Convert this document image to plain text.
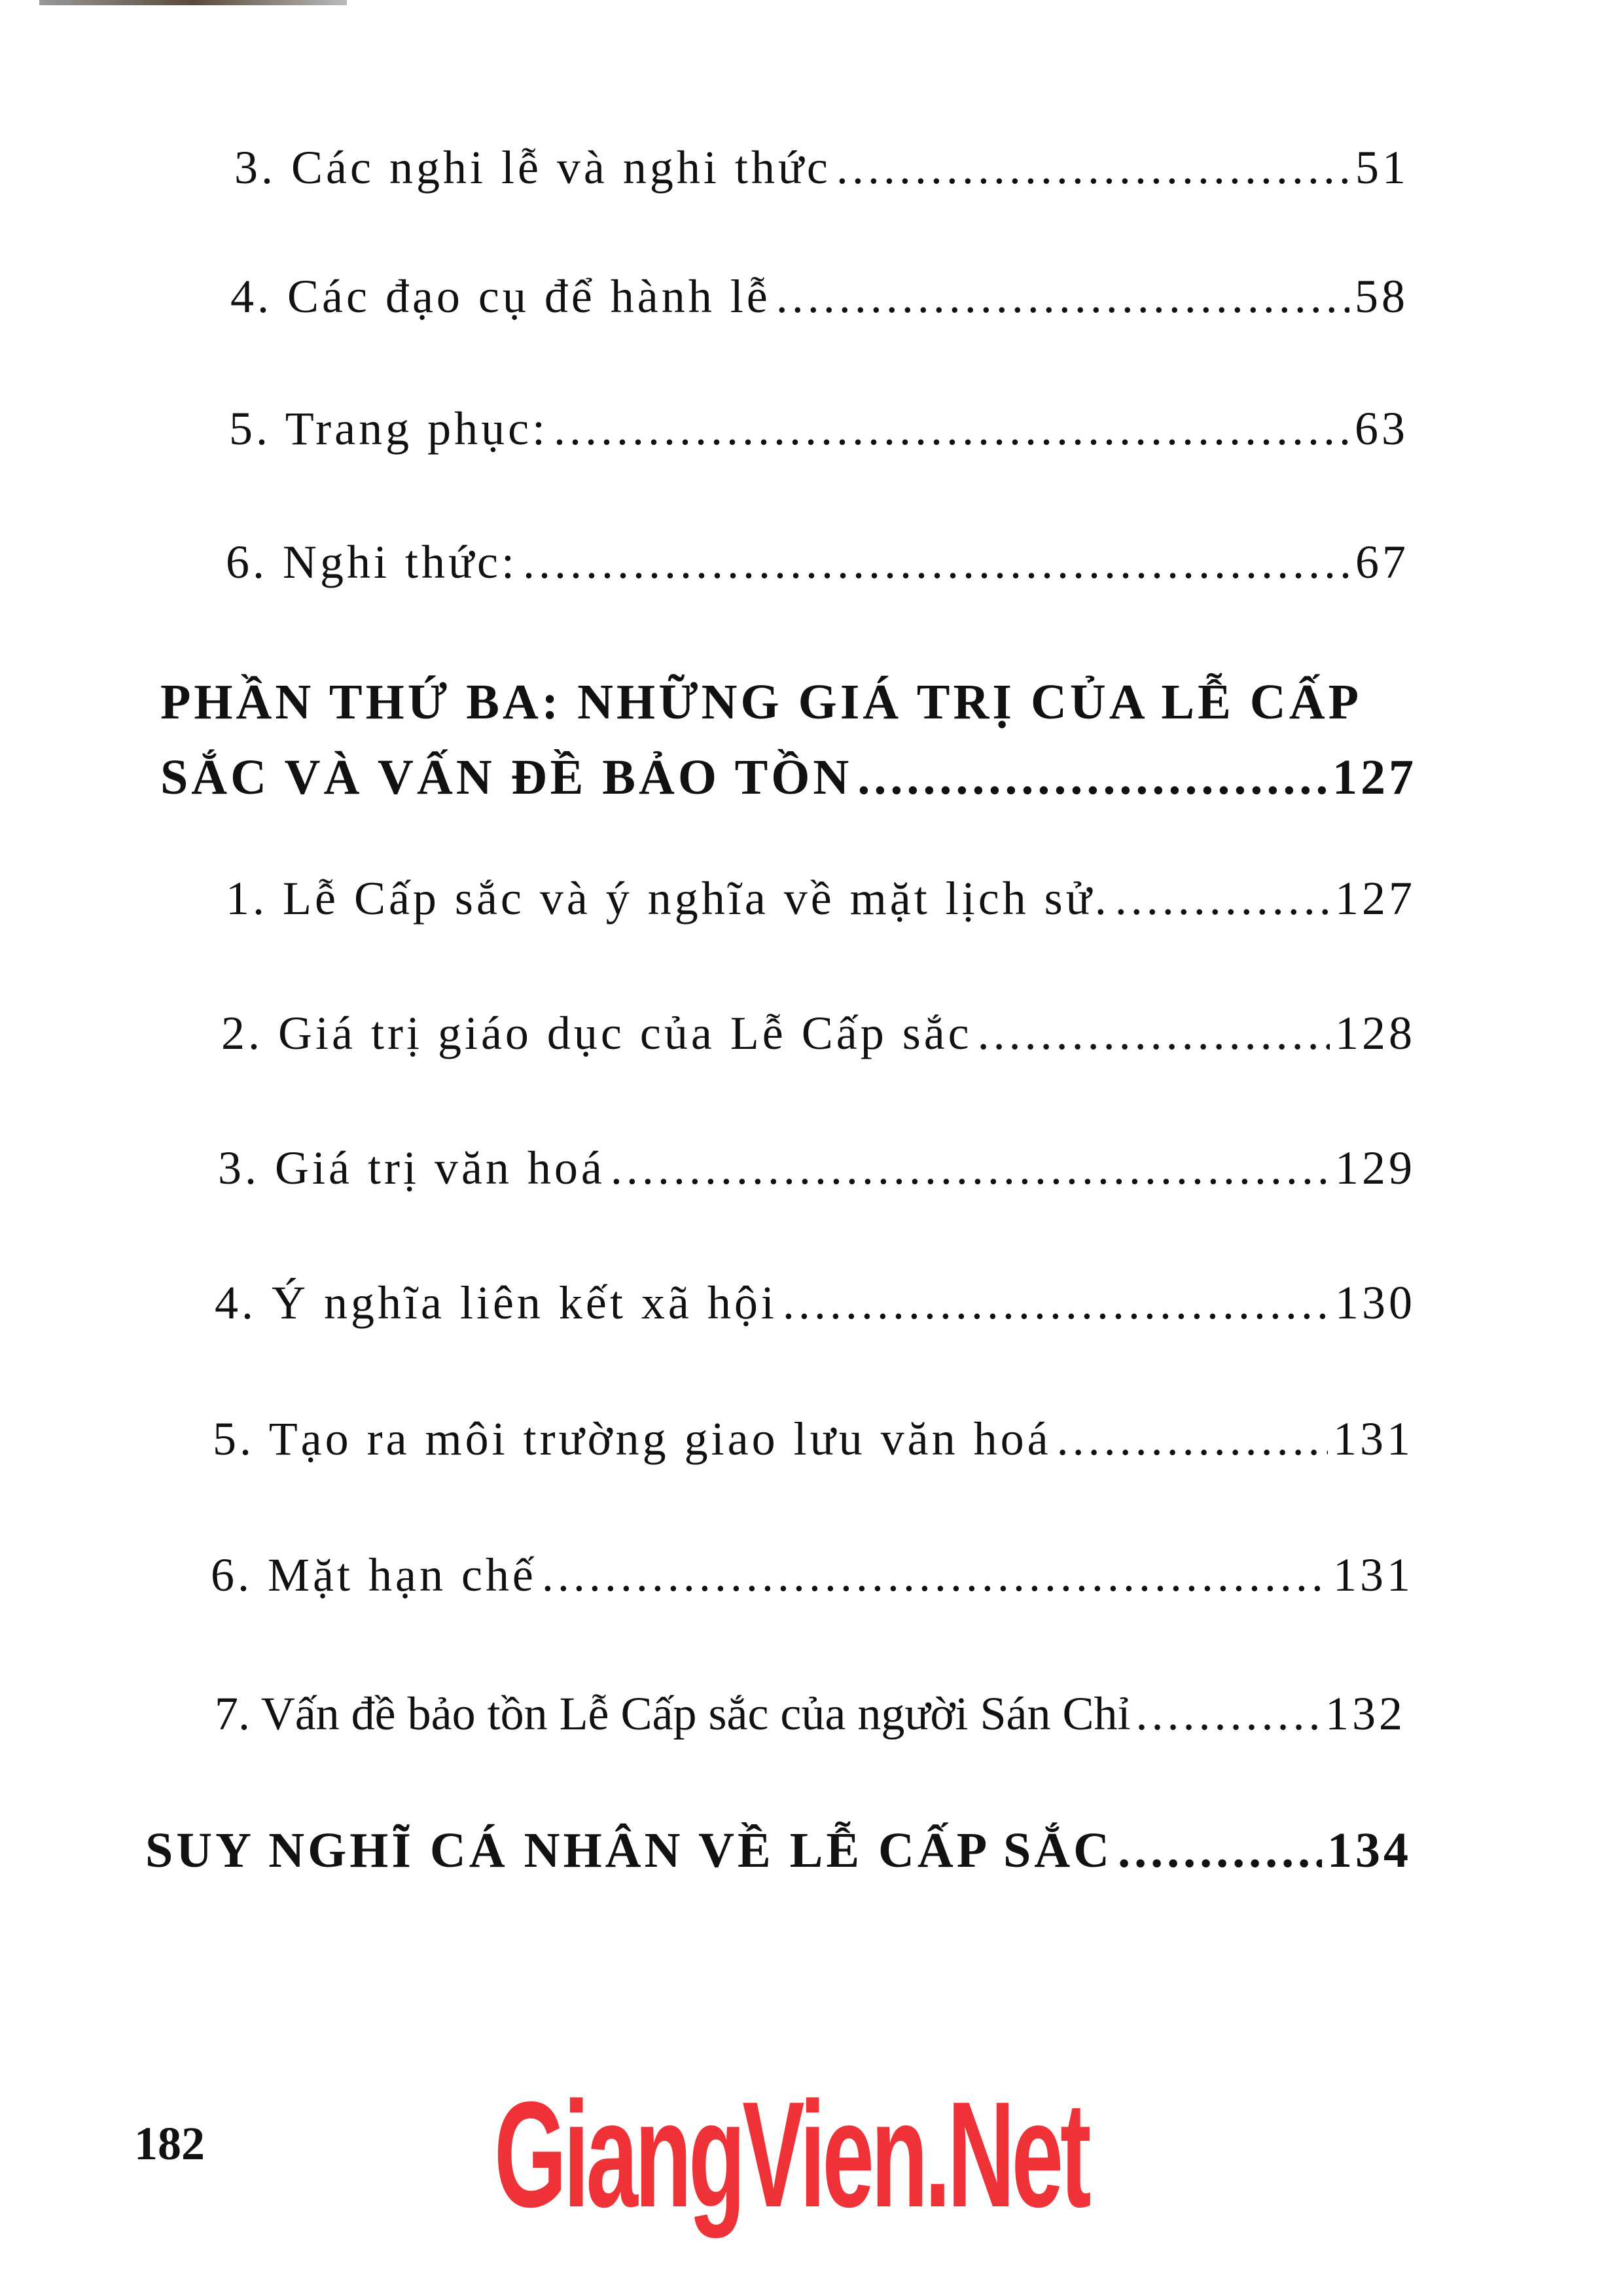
3. Các nghi lễ và nghi thức .....	51
4. Các đạo cụ để hành lễ .....	58
5. Trang phục: .....	63
6. Nghi thức: .....	67
PHẦN THỨ BA: NHỮNG GIÁ TRỊ CỦA LỄ CẤP
SẮC VÀ VẤN ĐỀ BẢO TỒN .....	127
1. Lễ Cấp sắc và ý nghĩa về mặt lịch sử. .....	127
2. Giá trị giáo dục của Lễ Cấp sắc .....	128
3. Giá trị văn hoá .....	129
4. Ý nghĩa liên kết xã hội .....	130
5. Tạo ra môi trường giao lưu văn hoá .....	131
6. Mặt hạn chế .....	131
7. Vấn đề bảo tồn Lễ Cấp sắc của người Sán Chỉ .....	132
SUY NGHĨ CÁ NHÂN VỀ LỄ CẤP SẮC .....	134
182 GiangVien.Net
